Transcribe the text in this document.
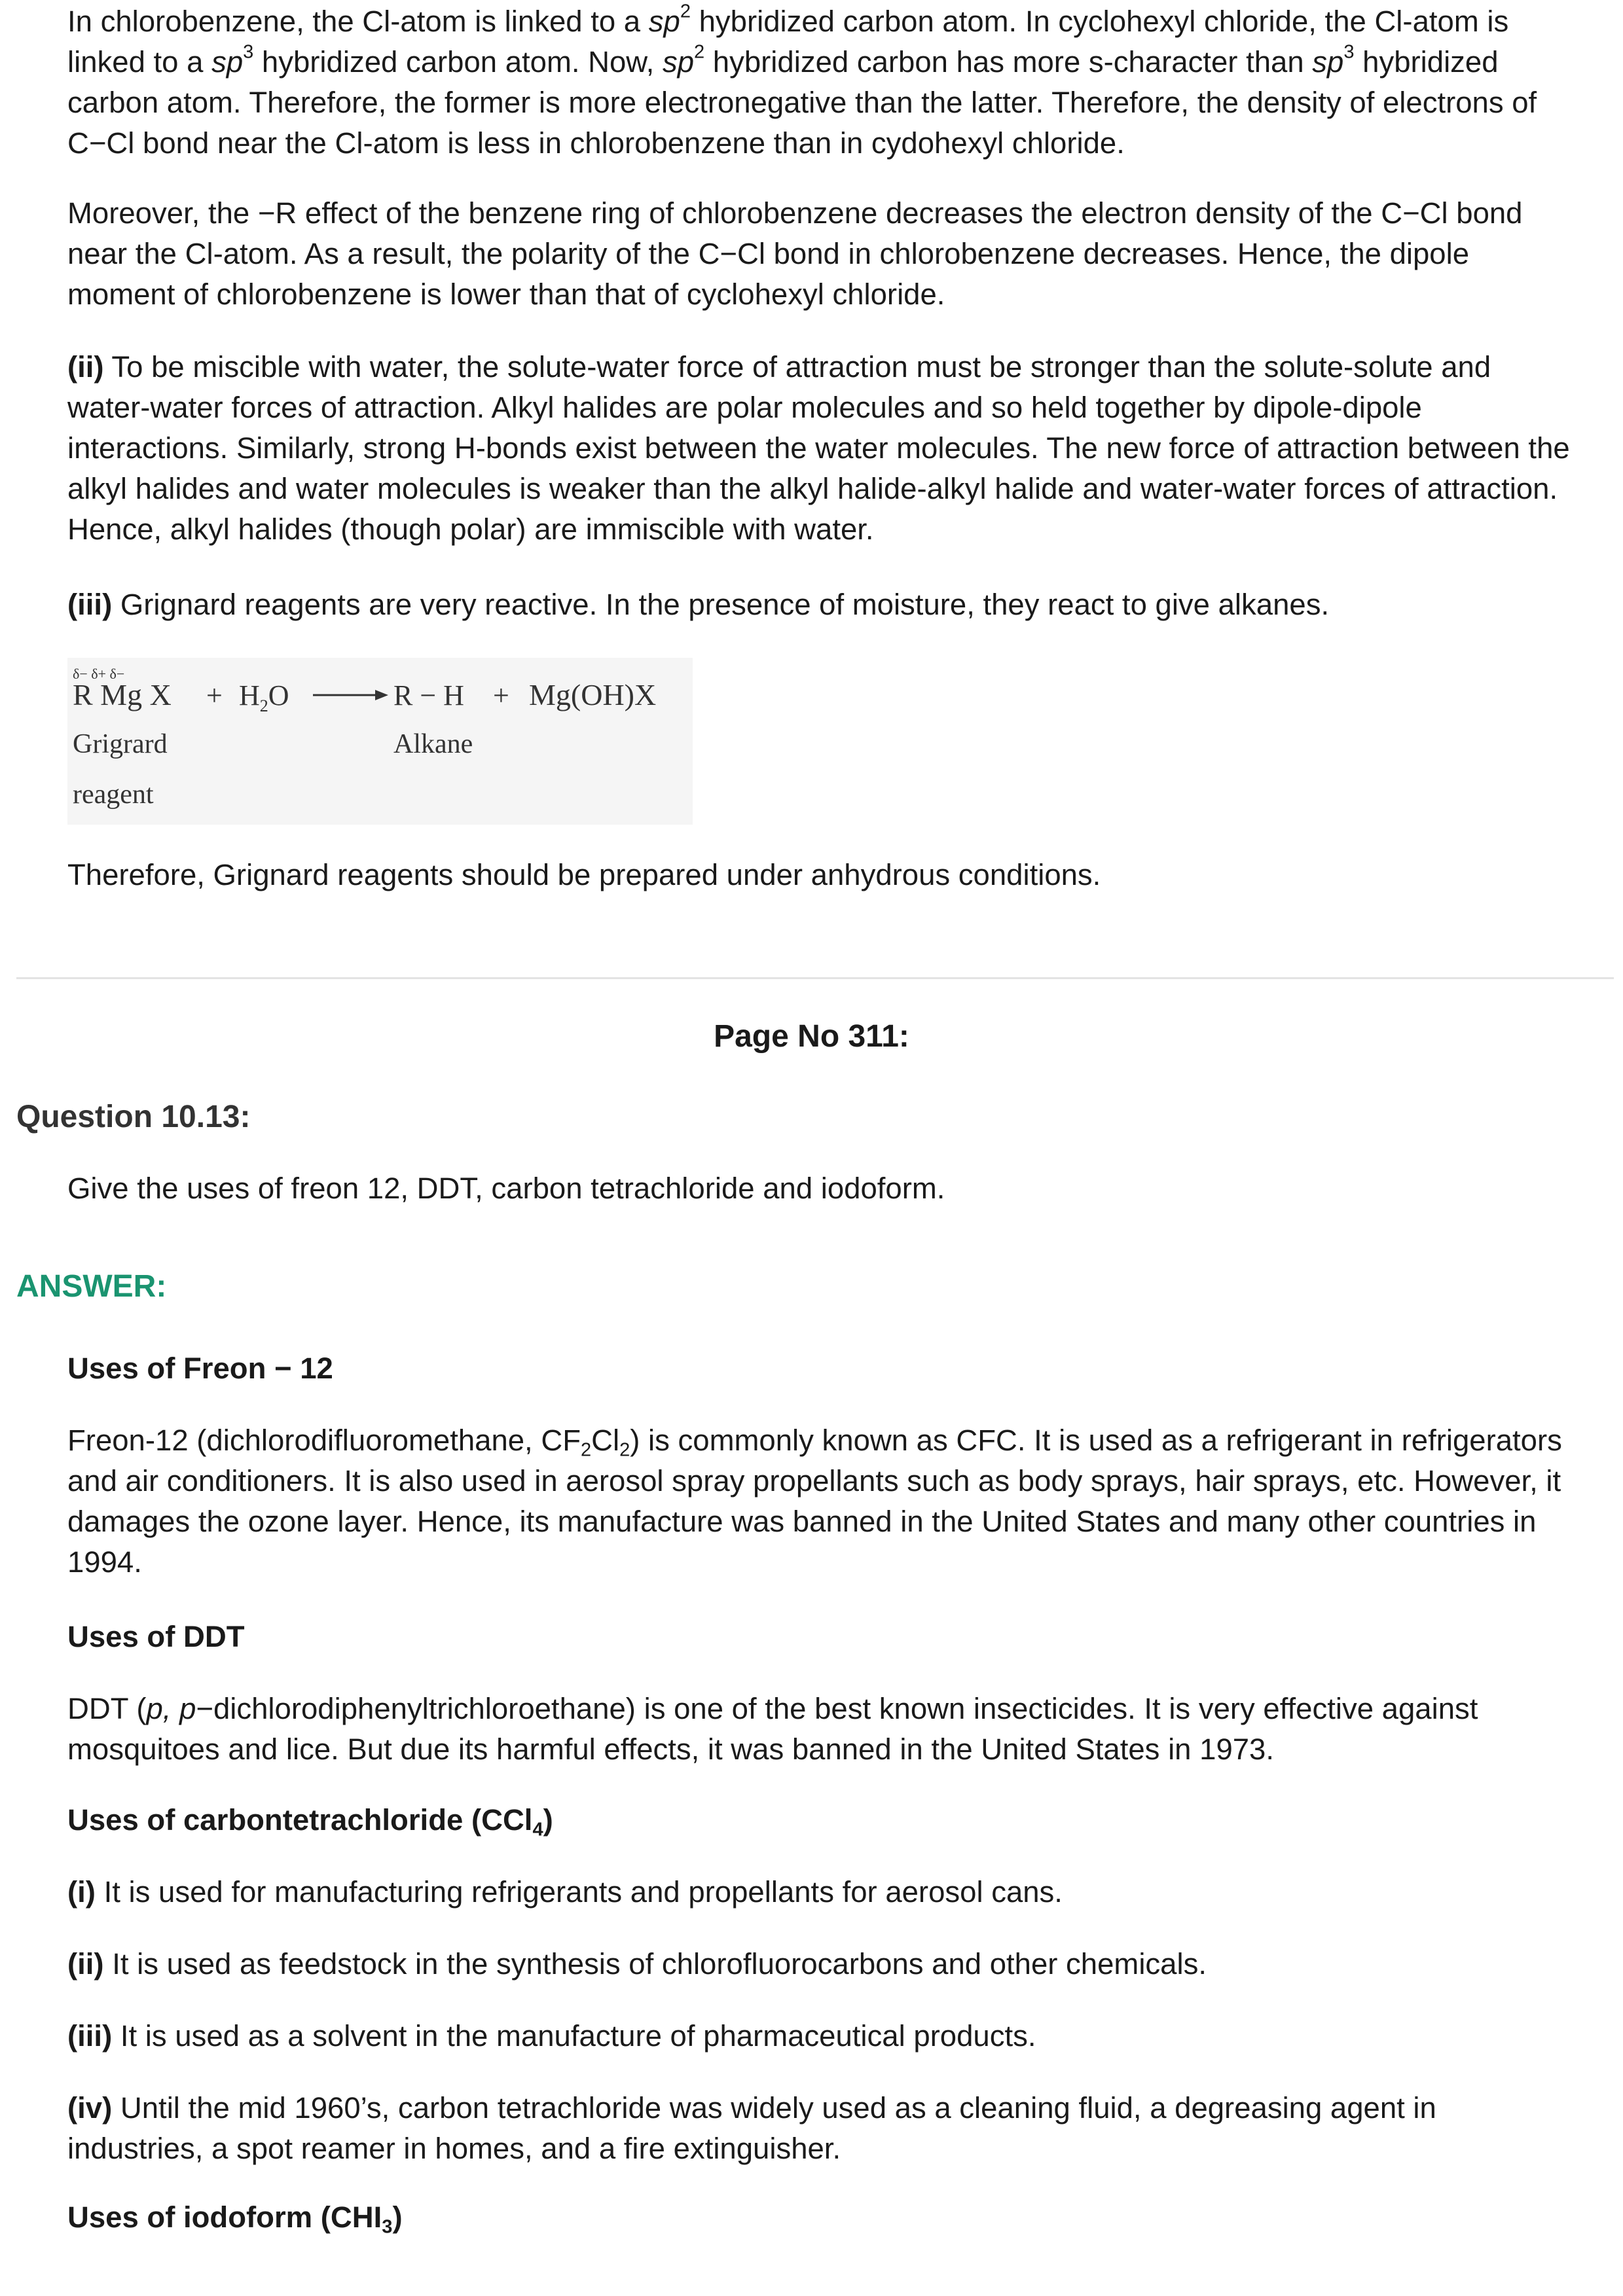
In chlorobenzene, the Cl-atom is linked to a $sp^2$ hybridized carbon atom. In cyclohexyl chloride, the Cl-atom is linked to a $sp^3$ hybridized carbon atom. Now, $sp^2$ hybridized carbon has more s-character than $sp^3$ hybridized carbon atom. Therefore, the former is more electronegative than the latter. Therefore, the density of electrons of C−Cl bond near the Cl-atom is less in chlorobenzene than in cydohexyl chloride.

Moreover, the −R effect of the benzene ring of chlorobenzene decreases the electron density of the C−Cl bond near the Cl-atom. As a result, the polarity of the C−Cl bond in chlorobenzene decreases. Hence, the dipole moment of chlorobenzene is lower than that of cyclohexyl chloride.

(ii) To be miscible with water, the solute-water force of attraction must be stronger than the solute-solute and water-water forces of attraction. Alkyl halides are polar molecules and so held together by dipole-dipole interactions. Similarly, strong H-bonds exist between the water molecules. The new force of attraction between the alkyl halides and water molecules is weaker than the alkyl halide-alkyl halide and water-water forces of attraction. Hence, alkyl halides (though polar) are immiscible with water.

(iii) Grignard reagents are very reactive. In the presence of moisture, they react to give alkanes.

δ− δ+ δ−
R Mg $X + H_2O$	R − H + Mg(OH)X
Grigrard
reagent
Alkane

Therefore, Grignard reagents should be prepared under anhydrous conditions.

Page No 311:
Question 10.13:

Give the uses of freon 12, DDT, carbon tetrachloride and iodoform.

ANSWER:

Uses of Freon − 12

Freon-12 (dichlorodifluoromethane, $CF_2Cl_2$) is commonly known as CFC. It is used as a refrigerant in refrigerators and air conditioners. It is also used in aerosol spray propellants such as body sprays, hair sprays, etc. However, it damages the ozone layer. Hence, its manufacture was banned in the United States and many other countries in 1994.

Uses of DDT

DDT (p, p−dichlorodiphenyltrichloroethane) is one of the best known insecticides. It is very effective against mosquitoes and lice. But due its harmful effects, it was banned in the United States in 1973.

Uses of carbontetrachloride (CCl$_4$)

(i) It is used for manufacturing refrigerants and propellants for aerosol cans.

(ii) It is used as feedstock in the synthesis of chlorofluorocarbons and other chemicals.

(iii) It is used as a solvent in the manufacture of pharmaceutical products.

(iv) Until the mid 1960’s, carbon tetrachloride was widely used as a cleaning fluid, a degreasing agent in industries, a spot reamer in homes, and a fire extinguisher.

Uses of iodoform $(CHI_3)$
